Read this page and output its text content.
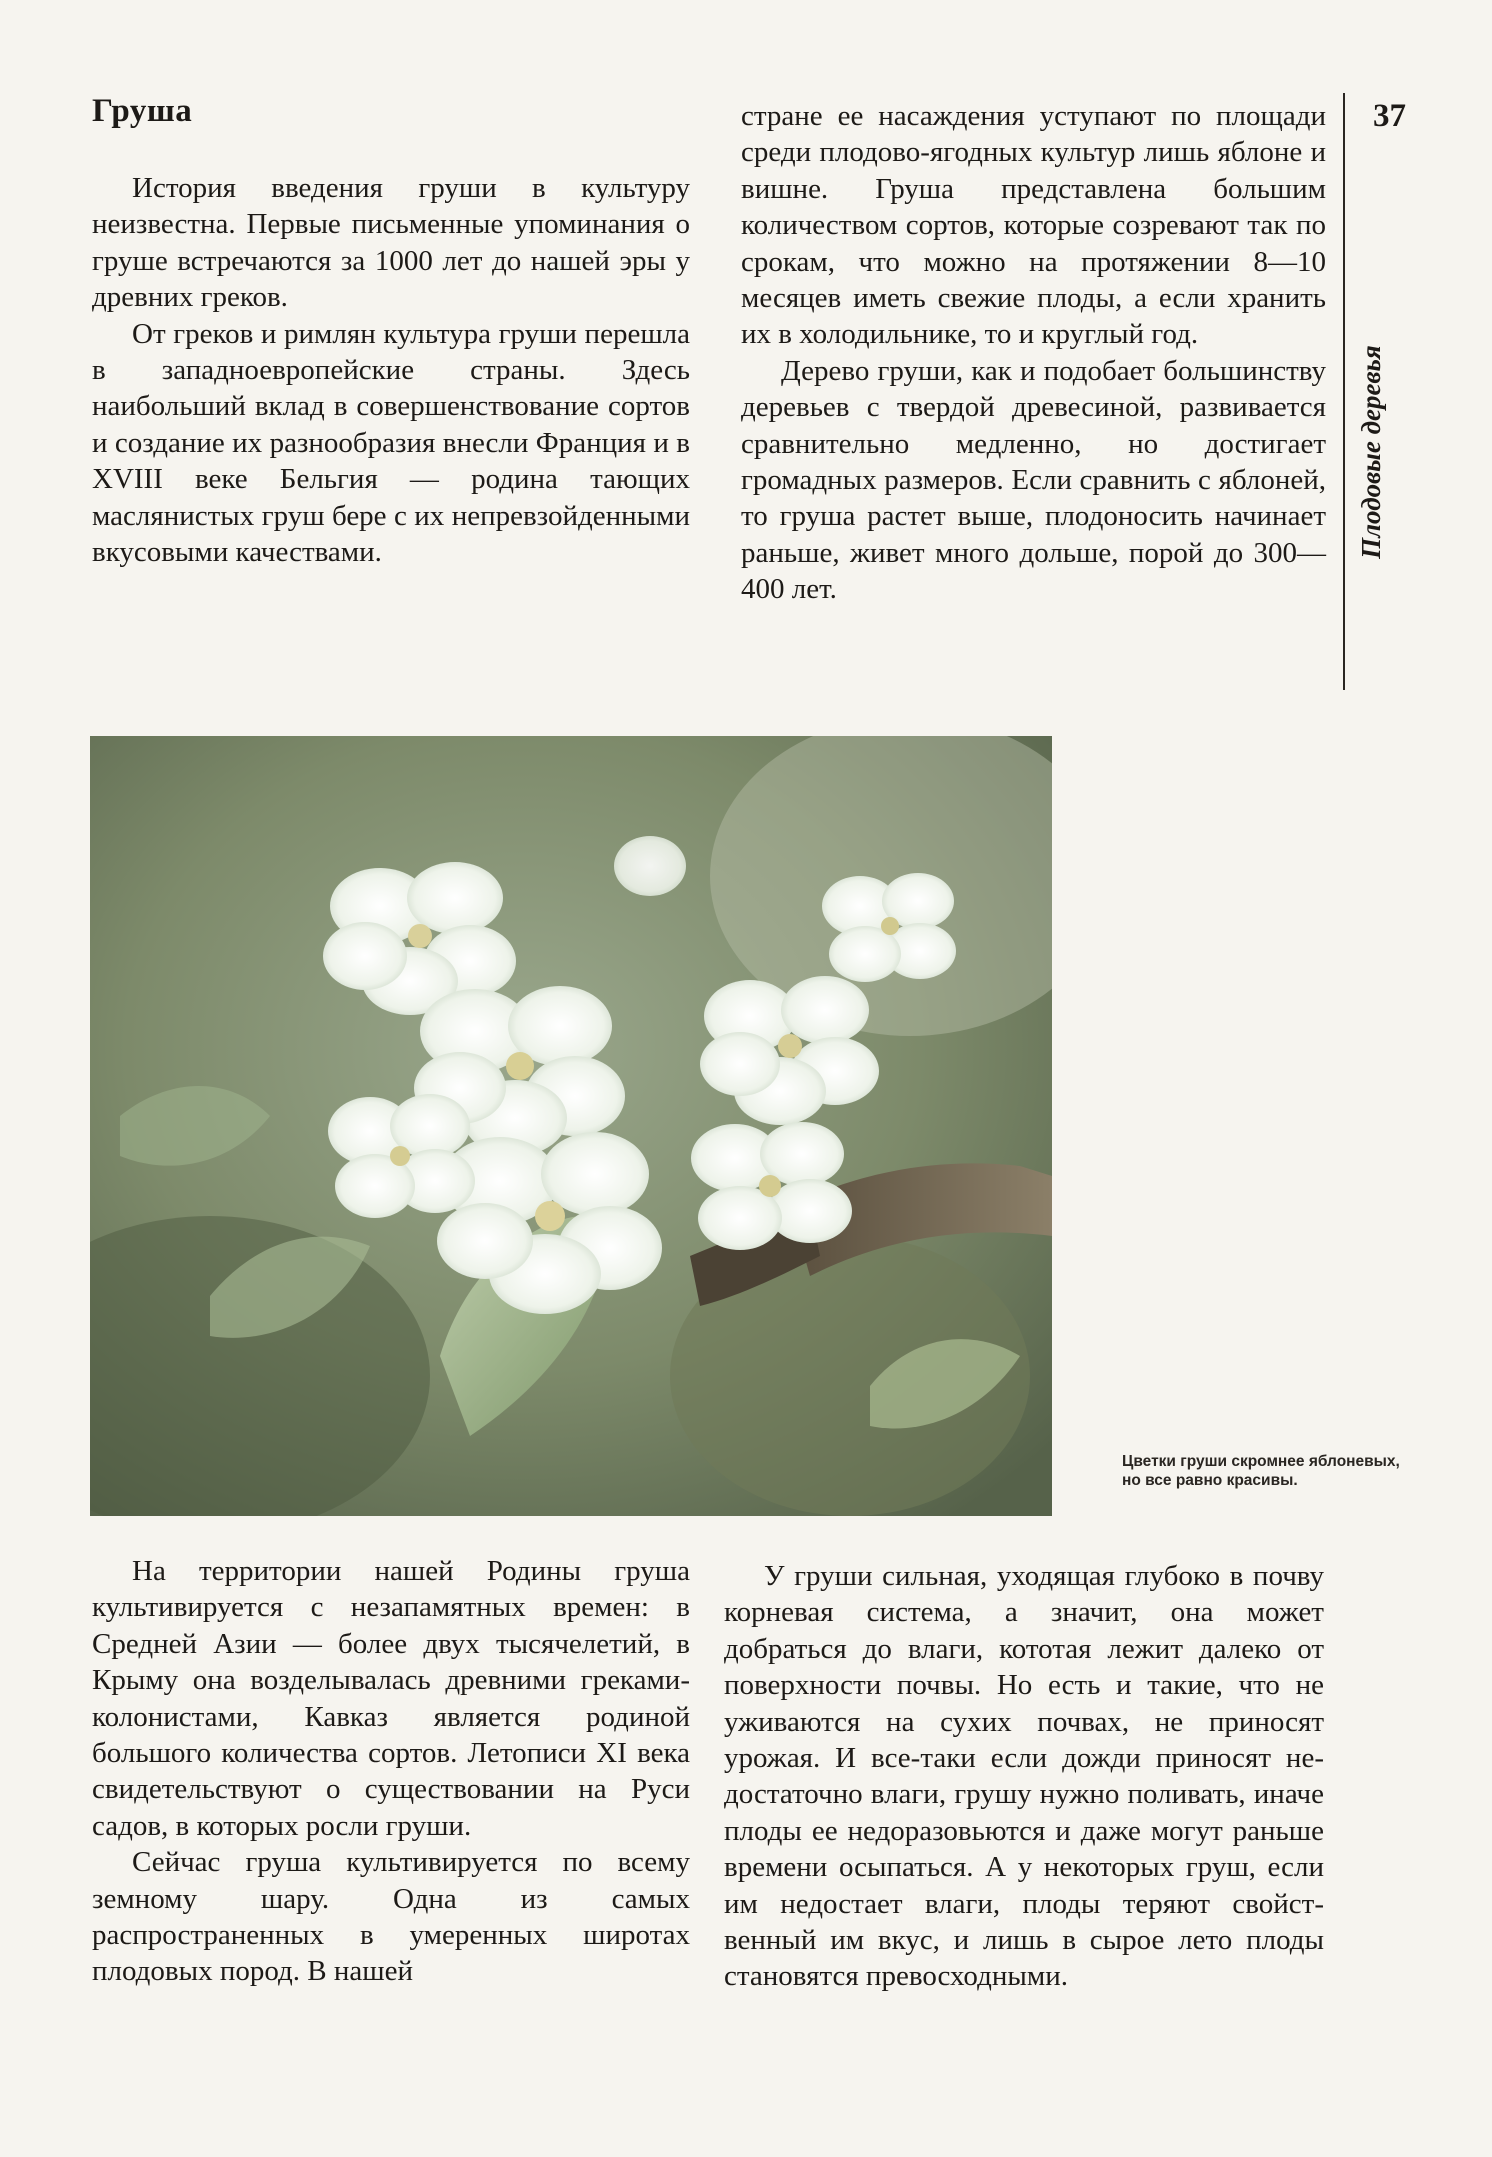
Груша	37
Плодовые деревья

История введения груши в культуру неизвестна. Первые письменные упоминания о груше встречаются за 1000 лет до нашей эры у древних греков.

От греков и римлян культура груши перешла в западноевропейские страны. Здесь наибольший вклад в совершенствование сортов и создание их разнообразия внесли Франция и в XVIII веке Бельгия — родина тающих маслянистых груш бере с их непревзойденными вкусовыми качествами.

стране ее насаждения уступают по площади среди плодово-ягодных культур лишь яблоне и вишне. Груша представлена большим количеством сортов, которые созревают так по срокам, что можно на протяжении 8—10 месяцев иметь свежие плоды, а если хранить их в холодильнике, то и круглый год.

Дерево груши, как и подобает большинству деревьев с твердой древесиной, развивается сравнительно медленно, но достигает громадных размеров. Если сравнить с яблоней, то груша растет выше, плодоносить начинает раньше, живет много дольше, порой до 300—400 лет.

Цветки груши скромнее яблоневых, но все равно красивы.

На территории нашей Родины груша культивируется с незапамятных времен: в Средней Азии — более двух тысячелетий, в Крыму она возделывалась древними греками-колонистами, Кавказ является родиной большого количества сортов. Летописи XI века свидетельствуют о существовании на Руси садов, в которых росли груши.

Сейчас груша культивируется по всему земному шару. Одна из самых распространенных в умеренных широтах плодовых пород. В нашей

У груши сильная, уходящая глубоко в почву корневая система, а значит, она может добраться до влаги, кототая лежит далеко от поверхности почвы. Но есть и такие, что не уживаются на сухих почвах, не приносят урожая. И все-таки если дожди приносят недостаточно влаги, грушу нужно поливать, иначе плоды ее недоразовьются и даже могут раньше времени осыпаться. А у некоторых груш, если им недостает влаги, плоды теряют свойственный им вкус, и лишь в сырое лето плоды становятся превосходными.
